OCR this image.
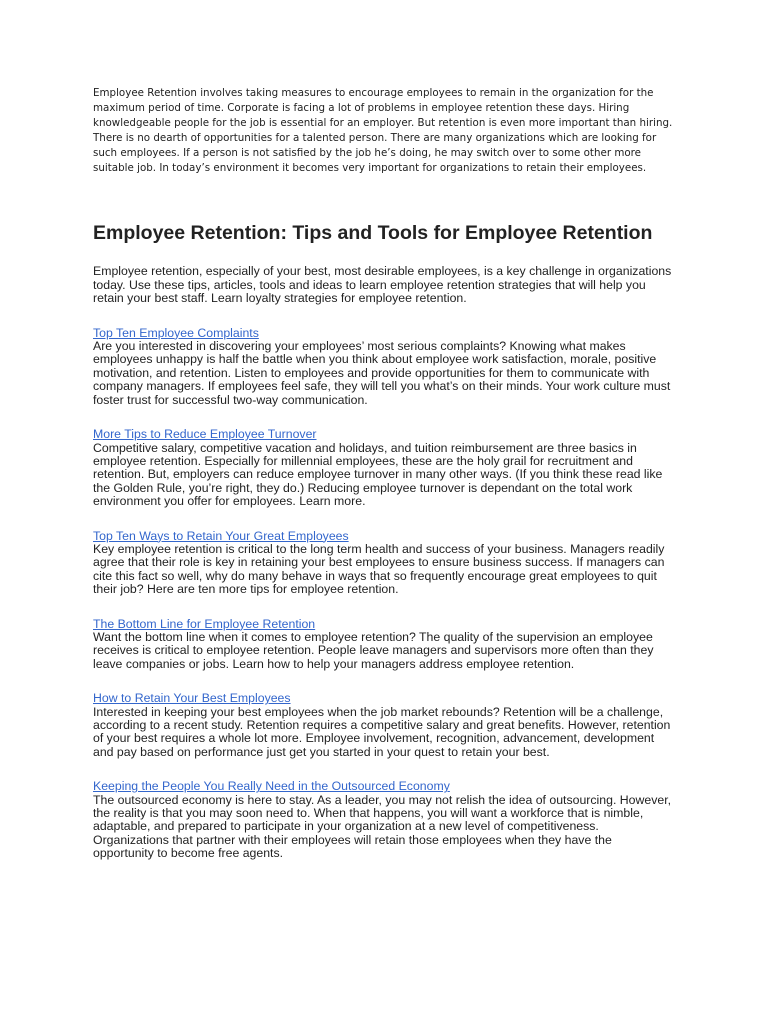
Employee Retention involves taking measures to encourage employees to remain in the organization for the maximum period of time. Corporate is facing a lot of problems in employee retention these days. Hiring knowledgeable people for the job is essential for an employer. But retention is even more important than hiring. There is no dearth of opportunities for a talented person. There are many organizations which are looking for such employees. If a person is not satisfied by the job he’s doing, he may switch over to some other more suitable job. In today’s environment it becomes very important for organizations to retain their employees.

Employee Retention: Tips and Tools for Employee Retention

Employee retention, especially of your best, most desirable employees, is a key challenge in organizations today. Use these tips, articles, tools and ideas to learn employee retention strategies that will help you retain your best staff. Learn loyalty strategies for employee retention.

Top Ten Employee Complaints

Are you interested in discovering your employees’ most serious complaints? Knowing what makes employees unhappy is half the battle when you think about employee work satisfaction, morale, positive motivation, and retention. Listen to employees and provide opportunities for them to communicate with company managers. If employees feel safe, they will tell you what’s on their minds. Your work culture must foster trust for successful two-way communication.

More Tips to Reduce Employee Turnover

Competitive salary, competitive vacation and holidays, and tuition reimbursement are three basics in employee retention. Especially for millennial employees, these are the holy grail for recruitment and retention. But, employers can reduce employee turnover in many other ways. (If you think these read like the Golden Rule, you’re right, they do.) Reducing employee turnover is dependant on the total work environment you offer for employees. Learn more.

Top Ten Ways to Retain Your Great Employees

Key employee retention is critical to the long term health and success of your business. Managers readily agree that their role is key in retaining your best employees to ensure business success. If managers can cite this fact so well, why do many behave in ways that so frequently encourage great employees to quit their job? Here are ten more tips for employee retention.

The Bottom Line for Employee Retention

Want the bottom line when it comes to employee retention? The quality of the supervision an employee receives is critical to employee retention. People leave managers and supervisors more often than they leave companies or jobs. Learn how to help your managers address employee retention.

How to Retain Your Best Employees

Interested in keeping your best employees when the job market rebounds? Retention will be a challenge, according to a recent study. Retention requires a competitive salary and great benefits. However, retention of your best requires a whole lot more. Employee involvement, recognition, advancement, development and pay based on performance just get you started in your quest to retain your best.

Keeping the People You Really Need in the Outsourced Economy

The outsourced economy is here to stay. As a leader, you may not relish the idea of outsourcing. However, the reality is that you may soon need to. When that happens, you will want a workforce that is nimble, adaptable, and prepared to participate in your organization at a new level of competitiveness. Organizations that partner with their employees will retain those employees when they have the opportunity to become free agents.
